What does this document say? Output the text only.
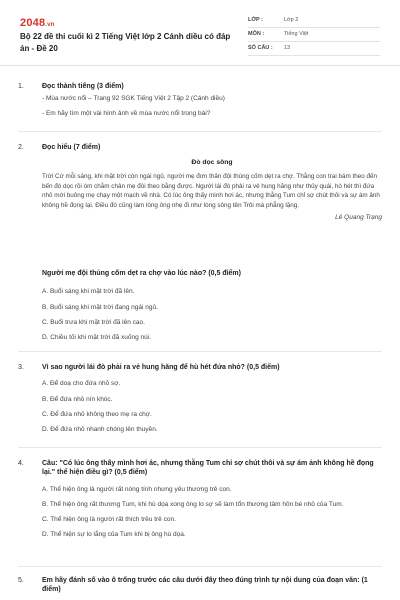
2048.vn
Bộ 22 đề thi cuối kì 2 Tiếng Việt lớp 2 Cánh diều có đáp án - Đề 20
LỚP :	Lớp 2
MÔN :	Tiếng Việt
SỐ CÂU :	13
1.	Đọc thành tiếng (3 điểm)
- Mùa nước nổi – Trang 92 SGK Tiếng Việt 2 Tập 2 (Cánh diều)
- Em hãy tìm một vài hình ảnh về mùa nước nổi trong bài?
2.	Đọc hiểu (7 điểm)
Đò dọc sông
Trời Cứ mỗi sáng, khi mặt trời còn ngái ngủ, người mẹ đơn thân đội thúng cốm dẹt ra chợ. Thằng con trai bám theo đến bến đò dọc rồi òm chằm chân mẹ đòi theo bằng được. Người lái đò phải ra vẻ hung hăng như thủy quái, hò hét thì đứa nhỏ mới buông mẹ chạy một mạch về nhà. Có lúc ông thấy mình hơi ác, nhưng thằng Tum chỉ sợ chút thôi và sự ám ảnh không hề đọng lại. Điều đó cũng làm lòng ông nhẹ đi như lòng sông tên Trôi mà phẳng lặng.
Lê Quang Trạng
Người mẹ đội thúng cốm dẹt ra chợ vào lúc nào? (0,5 điểm)
A. Buổi sáng khi mặt trời đã lên.
B. Buổi sáng khi mặt trời đang ngái ngủ.
C. Buổi trưa khi mặt trời đã lên cao.
D. Chiều tối khi mặt trời đã xuống núi.
3.	Vì sao người lái đò phải ra vẻ hung hăng để hù hét đứa nhỏ? (0,5 điểm)
A. Để doạ cho đứa nhỏ sợ.
B. Để đứa nhỏ nín khóc.
C. Để đứa nhỏ không theo mẹ ra chợ.
D. Để đứa nhỏ nhanh chóng lên thuyền.
4.	Câu: "Có lúc ông thấy mình hơi ác, nhưng thằng Tum chỉ sợ chút thôi và sự ám ảnh không hề đọng lại." thể hiện điều gì? (0,5 điểm)
A. Thể hiện ông là người rất nóng tính nhưng yêu thương trẻ con.
B. Thể hiện ông rất thương Tum, khi hù dọa xong ông lo sợ sẽ làm tổn thương tâm hồn bé nhỏ của Tum.
C. Thể hiện ông là người rất thích trêu trẻ con.
D. Thể hiện sự lo lắng của Tum khi bị ông hù dọa.
5.	Em hãy đánh số vào ô trống trước các câu dưới đây theo đúng trình tự nội dung của đoạn văn: (1 điểm)
